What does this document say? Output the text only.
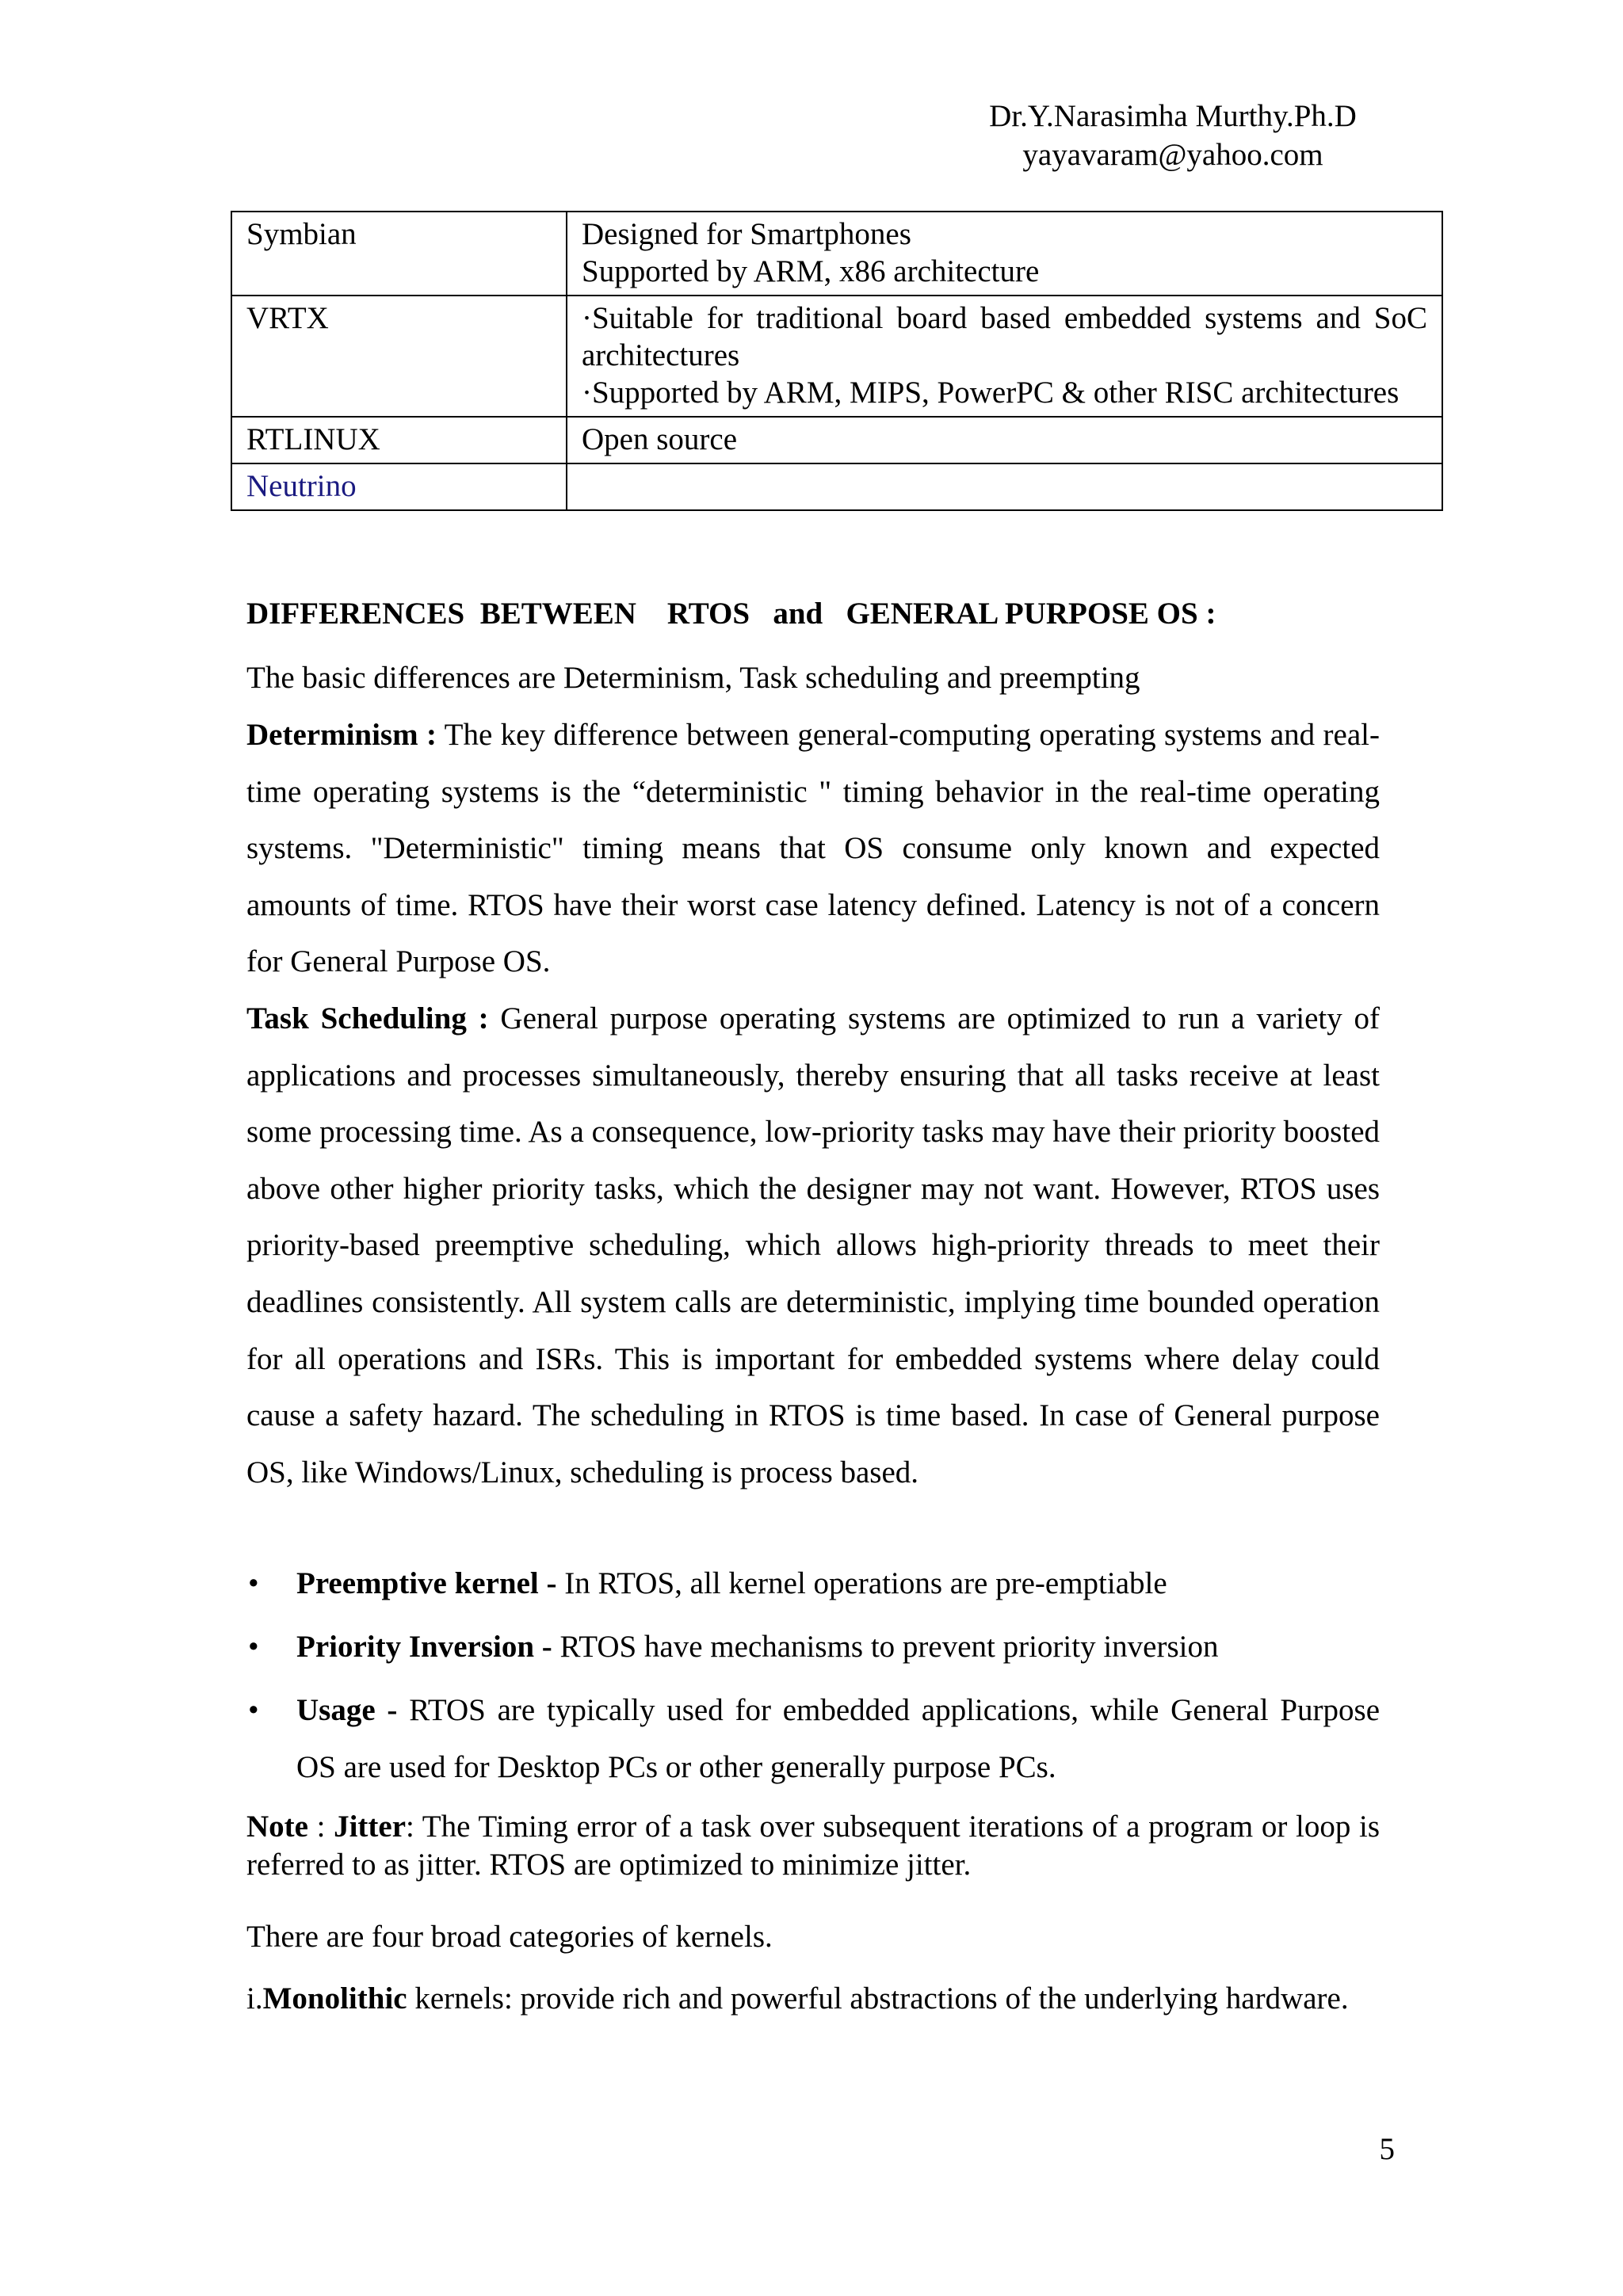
Dr.Y.Narasimha Murthy.Ph.D
yayavaram@yahoo.com
Symbian	Designed for Smartphones
Supported by ARM, x86 architecture

VRTX	·Suitable for traditional board based embedded systems and SoC architectures
·Supported by ARM, MIPS, PowerPC & other RISC architectures

RTLINUX	Open source

Neutrino	
DIFFERENCES  BETWEEN    RTOS   and   GENERAL PURPOSE OS :
The basic differences are Determinism, Task scheduling and preempting
Determinism : The key difference between general-computing operating systems and real-time operating systems is the “deterministic " timing behavior in the real-time operating systems. "Deterministic" timing means that OS consume only known and expected amounts of time. RTOS have their worst case latency defined. Latency is not of a concern for General Purpose OS.
Task Scheduling : General purpose operating systems are optimized to run a variety of applications and processes simultaneously, thereby ensuring that all tasks receive at least some processing time. As a consequence, low-priority tasks may have their priority boosted above other higher priority tasks, which the designer may not want. However, RTOS uses priority-based preemptive scheduling, which allows high-priority threads to meet their deadlines consistently. All system calls are deterministic, implying time bounded operation for all operations and ISRs. This is important for embedded systems where delay could cause a safety hazard. The scheduling in RTOS is time based. In case of General purpose OS, like Windows/Linux, scheduling is process based.
• Preemptive kernel - In RTOS, all kernel operations are pre-emptiable
• Priority Inversion - RTOS have mechanisms to prevent priority inversion
• Usage - RTOS are typically used for embedded applications, while General Purpose OS are used for Desktop PCs or other generally purpose PCs.
Note : Jitter: The Timing error of a task over subsequent iterations of a program or loop is referred to as jitter. RTOS are optimized to minimize jitter.
There are four broad categories of kernels.
i.Monolithic kernels: provide rich and powerful abstractions of the underlying hardware.
5
